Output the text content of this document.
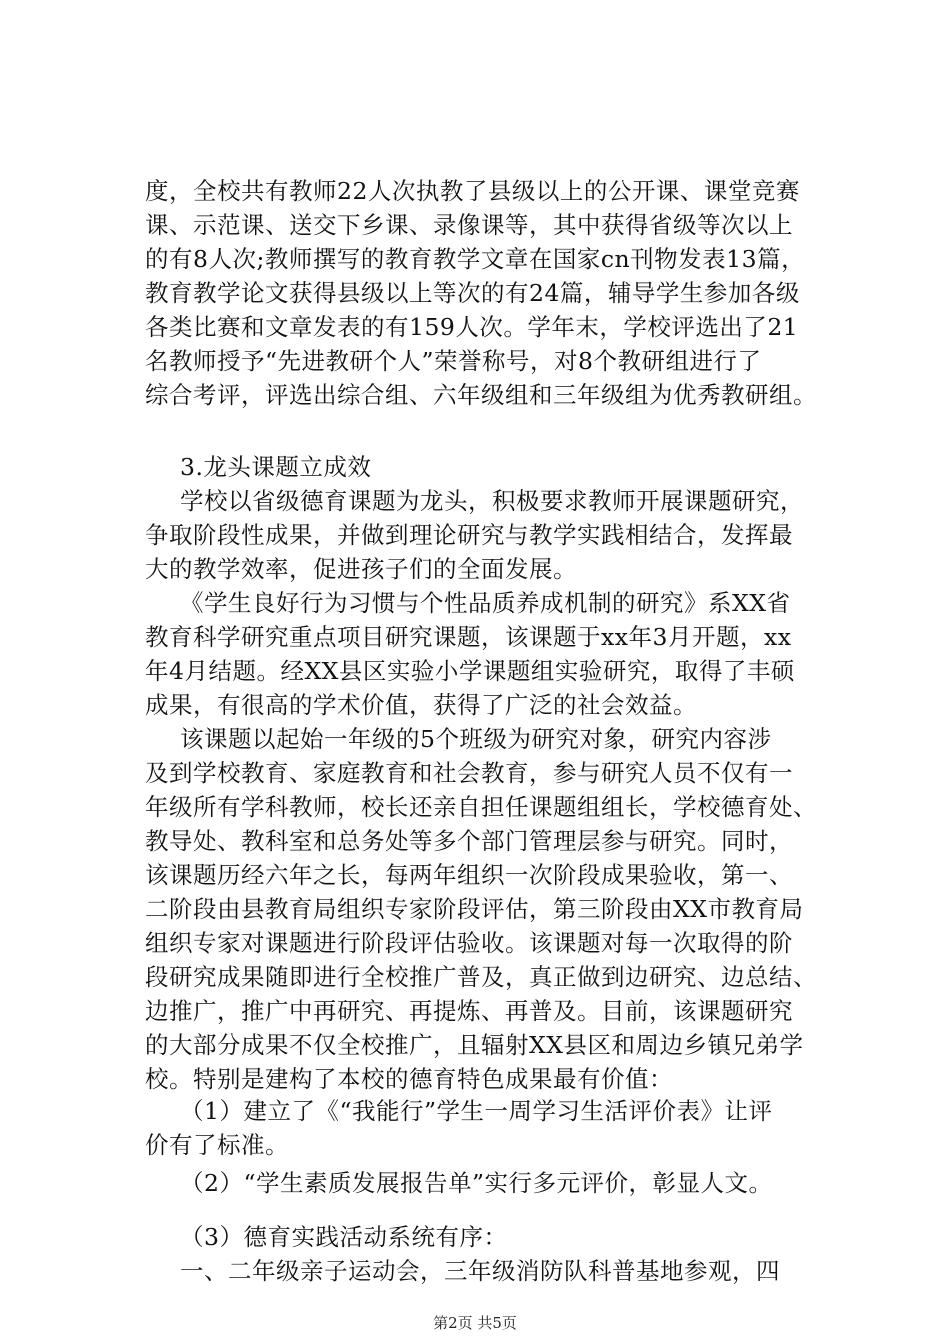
度，全校共有教师22人次执教了县级以上的公开课、课堂竞赛
课、示范课、送交下乡课、录像课等，其中获得省级等次以上
的有8人次;教师撰写的教育教学文章在国家cn刊物发表13篇，
教育教学论文获得县级以上等次的有24篇，辅导学生参加各级
各类比赛和文章发表的有159人次。学年末，学校评选出了21
名教师授予“先进教研个人”荣誉称号，对8个教研组进行了
综合考评，评选出综合组、六年级组和三年级组为优秀教研组。
3.龙头课题立成效
学校以省级德育课题为龙头，积极要求教师开展课题研究，
争取阶段性成果，并做到理论研究与教学实践相结合，发挥最
大的教学效率，促进孩子们的全面发展。
《学生良好行为习惯与个性品质养成机制的研究》系XX省
教育科学研究重点项目研究课题，该课题于xx年3月开题，xx
年4月结题。经XX县区实验小学课题组实验研究，取得了丰硕
成果，有很高的学术价值，获得了广泛的社会效益。
该课题以起始一年级的5个班级为研究对象，研究内容涉
及到学校教育、家庭教育和社会教育，参与研究人员不仅有一
年级所有学科教师，校长还亲自担任课题组组长，学校德育处、
教导处、教科室和总务处等多个部门管理层参与研究。同时，
该课题历经六年之长，每两年组织一次阶段成果验收，第一、
二阶段由县教育局组织专家阶段评估，第三阶段由XX市教育局
组织专家对课题进行阶段评估验收。该课题对每一次取得的阶
段研究成果随即进行全校推广普及，真正做到边研究、边总结、
边推广，推广中再研究、再提炼、再普及。目前，该课题研究
的大部分成果不仅全校推广，且辐射XX县区和周边乡镇兄弟学
校。特别是建构了本校的德育特色成果最有价值：
（1）建立了《“我能行”学生一周学习生活评价表》让评
价有了标准。
（2）“学生素质发展报告单”实行多元评价，彰显人文。
（3）德育实践活动系统有序：
一、二年级亲子运动会，三年级消防队科普基地参观，四
第2页 共5页
